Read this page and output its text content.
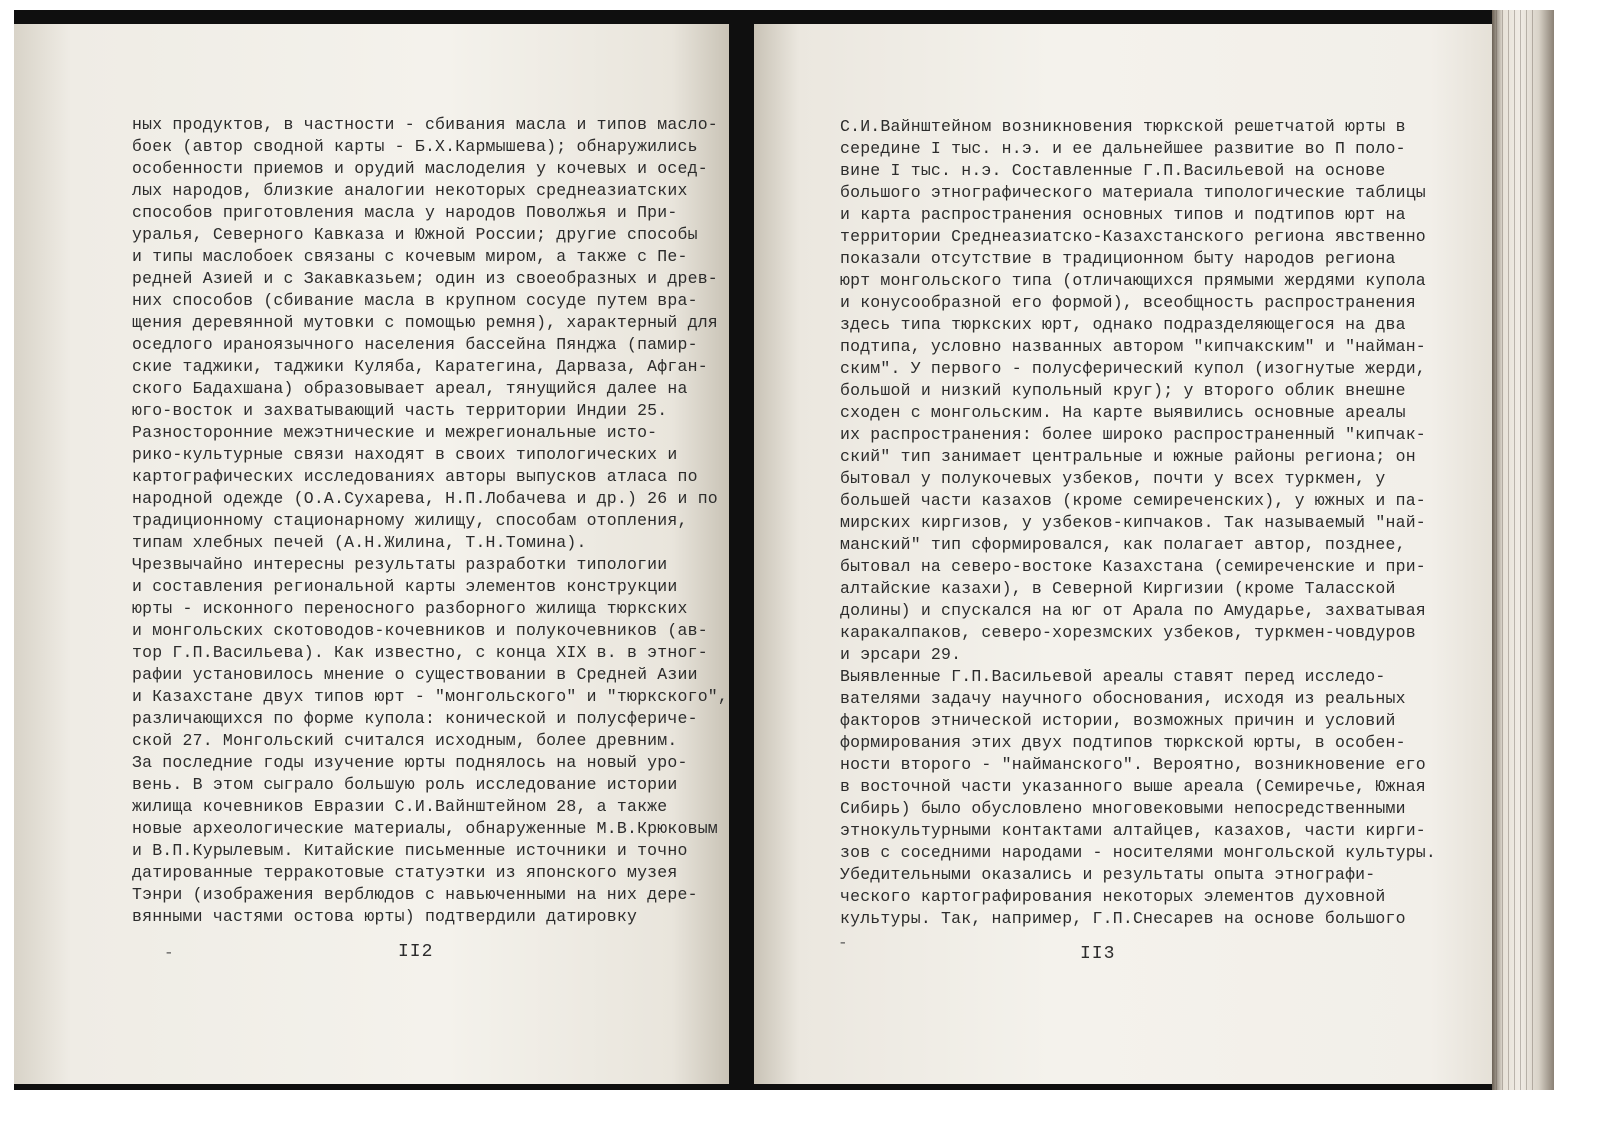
ных продуктов, в частности - сбивания масла и типов масло-
боек (автор сводной карты - Б.Х.Кармышева); обнаружились
особенности приемов и орудий маслоделия у кочевых и осед-
лых народов, близкие аналогии некоторых среднеазиатских
способов приготовления масла у народов Поволжья и При-
уралья, Северного Кавказа и Южной России; другие способы
и типы маслобоек связаны с кочевым миром, а также с Пе-
редней Азией и с Закавказьем; один из своеобразных и древ-
них способов (сбивание масла в крупном сосуде путем вра-
щения деревянной мутовки с помощью ремня), характерный для
оседлого ираноязычного населения бассейна Пянджа (памир-
ские таджики, таджики Куляба, Каратегина, Дарваза, Афган-
ского Бадахшана) образовывает ареал, тянущийся далее на
юго-восток и захватывающий часть территории Индии 25.
Разносторонние межэтнические и межрегиональные исто-
рико-культурные связи находят в своих типологических и
картографических исследованиях авторы выпусков атласа по
народной одежде (О.А.Сухарева, Н.П.Лобачева и др.) 26 и по
традиционному стационарному жилищу, способам отопления,
типам хлебных печей (А.Н.Жилина, Т.Н.Томина).
Чрезвычайно интересны результаты разработки типологии
и составления региональной карты элементов конструкции
юрты - исконного переносного разборного жилища тюркских
и монгольских скотоводов-кочевников и полукочевников (ав-
тор Г.П.Васильева). Как известно, с конца XIX в. в этног-
рафии установилось мнение о существовании в Средней Азии
и Казахстане двух типов юрт - "монгольского" и "тюркского",
различающихся по форме купола: конической и полусфериче-
ской 27. Монгольский считался исходным, более древним.
За последние годы изучение юрты поднялось на новый уро-
вень. В этом сыграло большую роль исследование истории
жилища кочевников Евразии С.И.Вайнштейном 28, а также
новые археологические материалы, обнаруженные М.В.Крюковым
и В.П.Курылевым. Китайские письменные источники и точно
датированные терракотовые статуэтки из японского музея
Тэнри (изображения верблюдов с навьюченными на них дере-
вянными частями остова юрты) подтвердили датировку
-	II2
С.И.Вайнштейном возникновения тюркской решетчатой юрты в
середине I тыс. н.э. и ее дальнейшее развитие во П поло-
вине I тыс. н.э. Составленные Г.П.Васильевой на основе
большого этнографического материала типологические таблицы
и карта распространения основных типов и подтипов юрт на
территории Среднеазиатско-Казахстанского региона явственно
показали отсутствие в традиционном быту народов региона
юрт монгольского типа (отличающихся прямыми жердями купола
и конусообразной его формой), всеобщность распространения
здесь типа тюркских юрт, однако подразделяющегося на два
подтипа, условно названных автором "кипчакским" и "найман-
ским". У первого - полусферический купол (изогнутые жерди,
большой и низкий купольный круг); у второго облик внешне
сходен с монгольским. На карте выявились основные ареалы
их распространения: более широко распространенный "кипчак-
ский" тип занимает центральные и южные районы региона; он
бытовал у полукочевых узбеков, почти у всех туркмен, у
большей части казахов (кроме семиреченских), у южных и па-
мирских киргизов, у узбеков-кипчаков. Так называемый "най-
манский" тип сформировался, как полагает автор, позднее,
бытовал на северо-востоке Казахстана (семиреченские и при-
алтайские казахи), в Северной Киргизии (кроме Таласской
долины) и спускался на юг от Арала по Амударье, захватывая
каракалпаков, северо-хорезмских узбеков, туркмен-човдуров
и эрсари 29.
Выявленные Г.П.Васильевой ареалы ставят перед исследо-
вателями задачу научного обоснования, исходя из реальных
факторов этнической истории, возможных причин и условий
формирования этих двух подтипов тюркской юрты, в особен-
ности второго - "найманского". Вероятно, возникновение его
в восточной части указанного выше ареала (Семиречье, Южная
Сибирь) было обусловлено многовековыми непосредственными
этнокультурными контактами алтайцев, казахов, части кирги-
зов с соседними народами - носителями монгольской культуры.
Убедительными оказались и результаты опыта этнографи-
ческого картографирования некоторых элементов духовной
культуры. Так, например, Г.П.Снесарев на основе большого
-
II3
